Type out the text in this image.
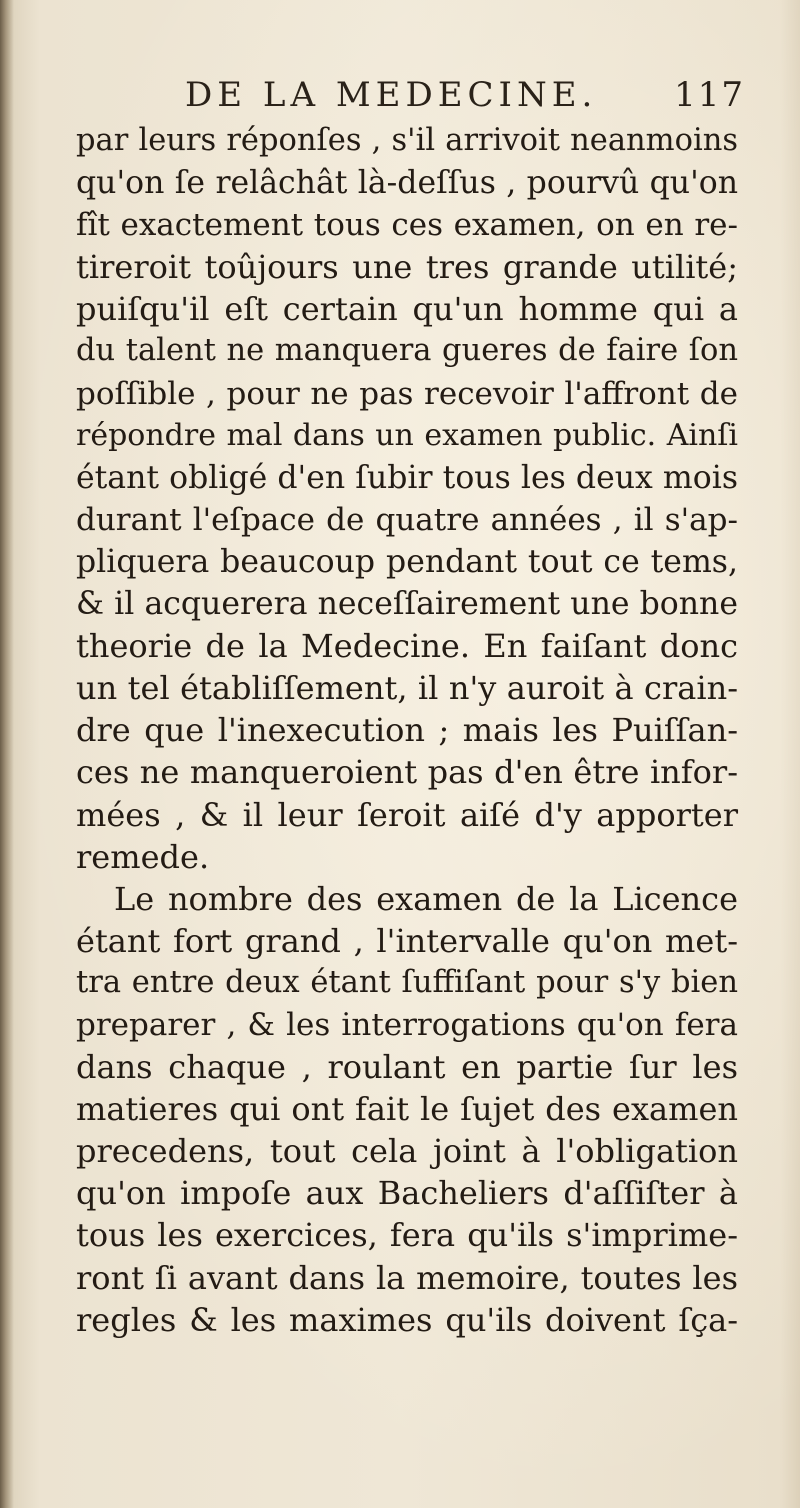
DE LA MEDECINE. 117
par leurs réponſes , s'il arrivoit neanmoins
qu'on ſe relâchât là-deſſus , pourvû qu'on
fît exactement tous ces examen, on en re-
tireroit toûjours une tres grande utilité;
puiſqu'il eſt certain qu'un homme qui a
du talent ne manquera gueres de faire ſon
poſſible , pour ne pas recevoir l'affront de
répondre mal dans un examen public. Ainſi
étant obligé d'en ſubir tous les deux mois
durant l'eſpace de quatre années , il s'ap-
pliquera beaucoup pendant tout ce tems,
& il acquerera neceſſairement une bonne
theorie de la Medecine. En faiſant donc
un tel établiſſement, il n'y auroit à crain-
dre que l'inexecution ; mais les Puiſſan-
ces ne manqueroient pas d'en être infor-
mées , & il leur ſeroit aiſé d'y apporter
remede.
Le nombre des examen de la Licence
étant fort grand , l'intervalle qu'on met-
tra entre deux étant ſuffiſant pour s'y bien
preparer , & les interrogations qu'on fera
dans chaque , roulant en partie ſur les
matieres qui ont fait le ſujet des examen
precedens, tout cela joint à l'obligation
qu'on impoſe aux Bacheliers d'aſſiſter à
tous les exercices, fera qu'ils s'imprime-
ront ſi avant dans la memoire, toutes les
regles & les maximes qu'ils doivent ſça-
